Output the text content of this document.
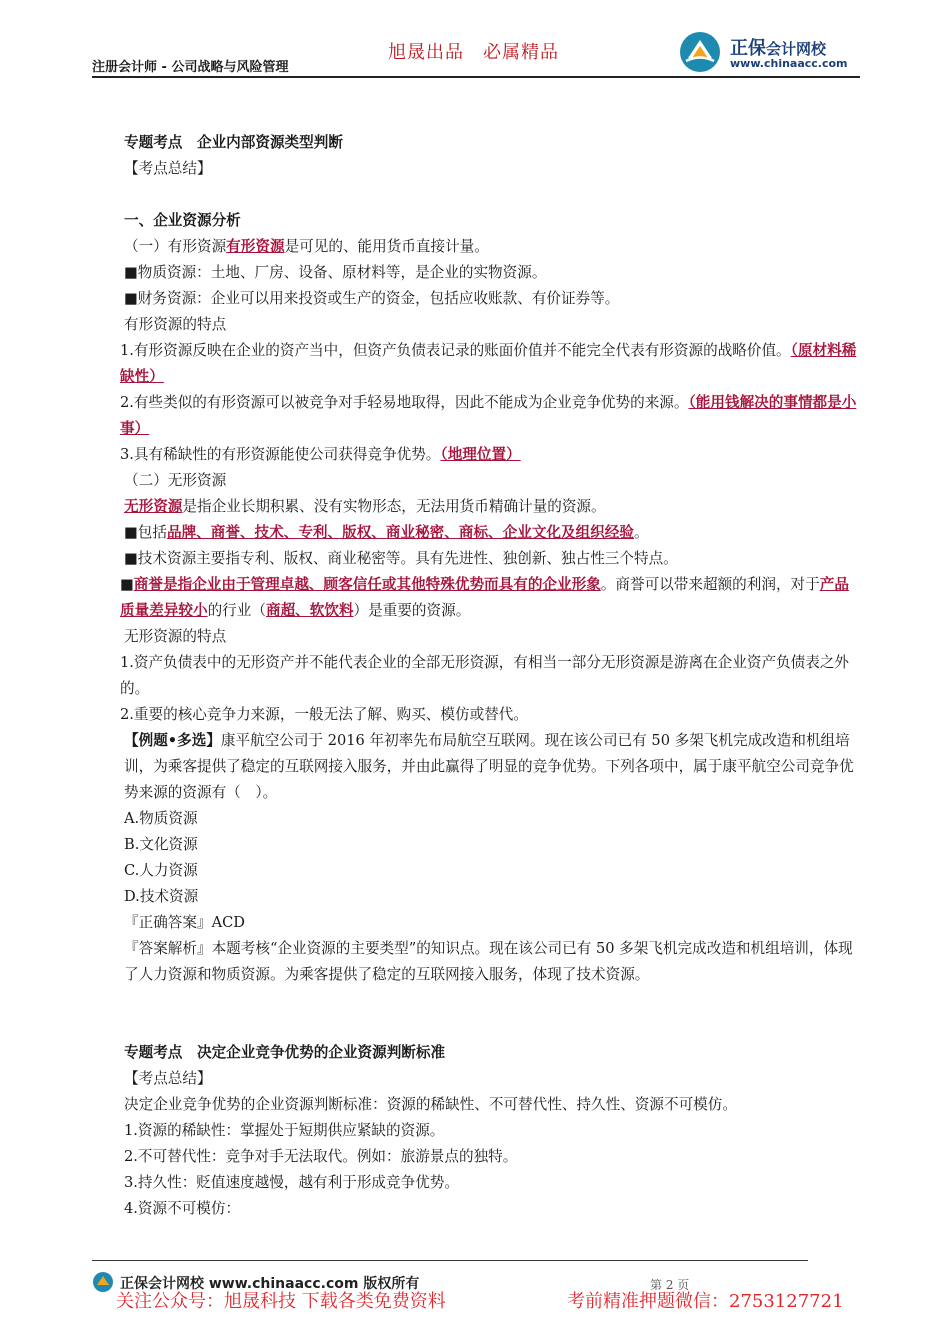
注册会计师 - 公司战略与风险管理
旭晟出品　必属精品	正保会计网校
www.chinaacc.com

专题考点　企业内部资源类型判断

【考点总结】

一、企业资源分析

（一）有形资源有形资源是可见的、能用货币直接计量。

■物质资源：土地、厂房、设备、原材料等，是企业的实物资源。

■财务资源：企业可以用来投资或生产的资金，包括应收账款、有价证券等。

有形资源的特点

1.有形资源反映在企业的资产当中，但资产负债表记录的账面价值并不能完全代表有形资源的战略价值。（原材料稀缺性）

2.有些类似的有形资源可以被竞争对手轻易地取得，因此不能成为企业竞争优势的来源。（能用钱解决的事情都是小事）

3.具有稀缺性的有形资源能使公司获得竞争优势。（地理位置）

（二）无形资源

无形资源是指企业长期积累、没有实物形态，无法用货币精确计量的资源。

■包括品牌、商誉、技术、专利、版权、商业秘密、商标、企业文化及组织经验。

■技术资源主要指专利、版权、商业秘密等。具有先进性、独创新、独占性三个特点。

■商誉是指企业由于管理卓越、顾客信任或其他特殊优势而具有的企业形象。商誉可以带来超额的利润，对于产品质量差异较小的行业（商超、软饮料）是重要的资源。

无形资源的特点

1.资产负债表中的无形资产并不能代表企业的全部无形资源，有相当一部分无形资源是游离在企业资产负债表之外的。

2.重要的核心竞争力来源，一般无法了解、购买、模仿或替代。

【例题•多选】康平航空公司于 2016 年初率先布局航空互联网。现在该公司已有 50 多架飞机完成改造和机组培训，为乘客提供了稳定的互联网接入服务，并由此赢得了明显的竞争优势。下列各项中，属于康平航空公司竞争优势来源的资源有（　）。

A.物质资源

B.文化资源

C.人力资源

D.技术资源

『正确答案』ACD

『答案解析』本题考核“企业资源的主要类型”的知识点。现在该公司已有 50 多架飞机完成改造和机组培训，体现了人力资源和物质资源。为乘客提供了稳定的互联网接入服务，体现了技术资源。

专题考点　决定企业竞争优势的企业资源判断标准

【考点总结】

决定企业竞争优势的企业资源判断标准：资源的稀缺性、不可替代性、持久性、资源不可模仿。

1.资源的稀缺性：掌握处于短期供应紧缺的资源。

2.不可替代性：竞争对手无法取代。例如：旅游景点的独特。

3.持久性：贬值速度越慢，越有利于形成竞争优势。

4.资源不可模仿：

正保会计网校 www.chinaacc.com 版权所有	第 2 页
关注公众号：旭晟科技 下载各类免费资料	考前精准押题微信：2753127721
